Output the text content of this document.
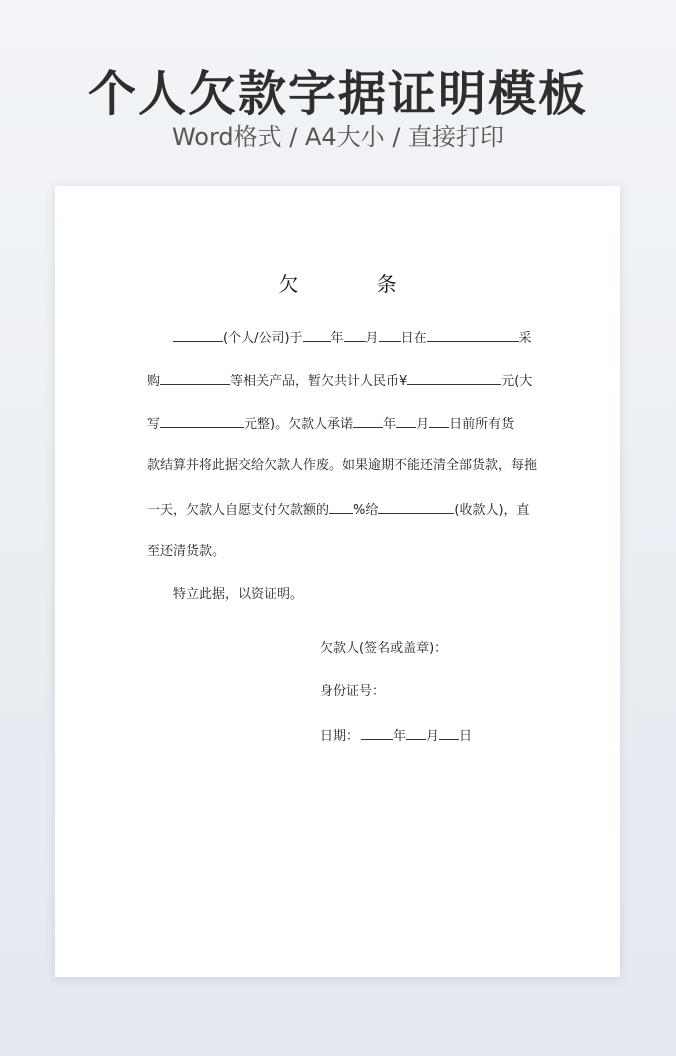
个人欠款字据证明模板
Word格式 / A4大小 / 直接打印
欠 条
(个人/公司)于 年 月 日在	采
购	等相关产品，暂欠共计人民币¥	元(大
写	元整)。欠款人承诺 年 月 日前所有货
款结算并将此据交给欠款人作废。如果逾期不能还清全部货款，每拖
一天，欠款人自愿支付欠款额的 %给	(收款人)，直
至还清货款。
特立此据，以资证明。
欠款人(签名或盖章)：
身份证号：
日期：	年 月 日
